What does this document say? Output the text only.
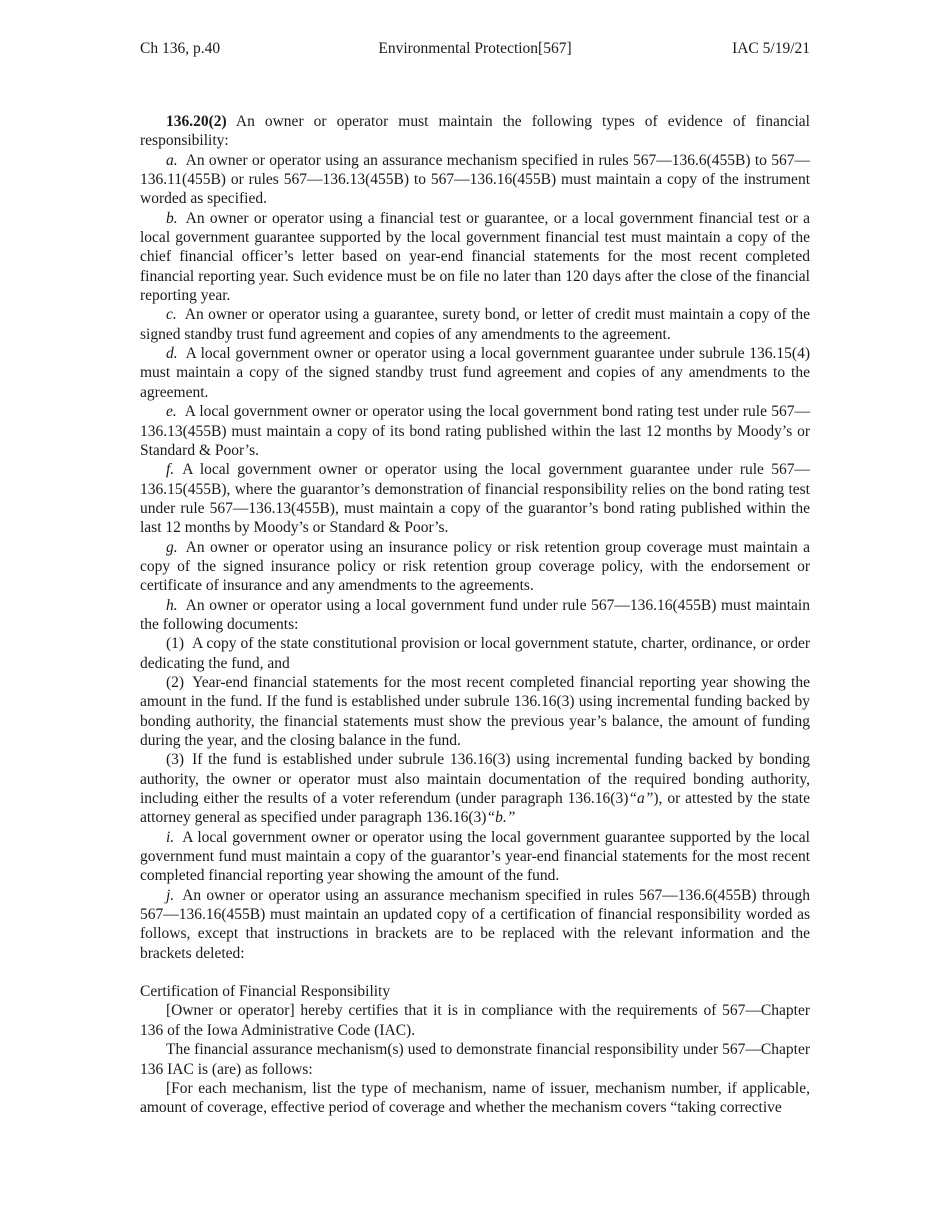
Ch 136, p.40	Environmental Protection[567]	IAC 5/19/21

136.20(2) An owner or operator must maintain the following types of evidence of financial responsibility:

a. An owner or operator using an assurance mechanism specified in rules 567—136.6(455B) to 567—136.11(455B) or rules 567—136.13(455B) to 567—136.16(455B) must maintain a copy of the instrument worded as specified.

b. An owner or operator using a financial test or guarantee, or a local government financial test or a local government guarantee supported by the local government financial test must maintain a copy of the chief financial officer’s letter based on year-end financial statements for the most recent completed financial reporting year. Such evidence must be on file no later than 120 days after the close of the financial reporting year.

c. An owner or operator using a guarantee, surety bond, or letter of credit must maintain a copy of the signed standby trust fund agreement and copies of any amendments to the agreement.

d. A local government owner or operator using a local government guarantee under subrule 136.15(4) must maintain a copy of the signed standby trust fund agreement and copies of any amendments to the agreement.

e. A local government owner or operator using the local government bond rating test under rule 567—136.13(455B) must maintain a copy of its bond rating published within the last 12 months by Moody’s or Standard & Poor’s.

f. A local government owner or operator using the local government guarantee under rule 567—136.15(455B), where the guarantor’s demonstration of financial responsibility relies on the bond rating test under rule 567—136.13(455B), must maintain a copy of the guarantor’s bond rating published within the last 12 months by Moody’s or Standard & Poor’s.

g. An owner or operator using an insurance policy or risk retention group coverage must maintain a copy of the signed insurance policy or risk retention group coverage policy, with the endorsement or certificate of insurance and any amendments to the agreements.

h. An owner or operator using a local government fund under rule 567—136.16(455B) must maintain the following documents:

(1) A copy of the state constitutional provision or local government statute, charter, ordinance, or order dedicating the fund, and

(2) Year-end financial statements for the most recent completed financial reporting year showing the amount in the fund. If the fund is established under subrule 136.16(3) using incremental funding backed by bonding authority, the financial statements must show the previous year’s balance, the amount of funding during the year, and the closing balance in the fund.

(3) If the fund is established under subrule 136.16(3) using incremental funding backed by bonding authority, the owner or operator must also maintain documentation of the required bonding authority, including either the results of a voter referendum (under paragraph 136.16(3)“a”), or attested by the state attorney general as specified under paragraph 136.16(3)“b.”

i. A local government owner or operator using the local government guarantee supported by the local government fund must maintain a copy of the guarantor’s year-end financial statements for the most recent completed financial reporting year showing the amount of the fund.

j. An owner or operator using an assurance mechanism specified in rules 567—136.6(455B) through 567—136.16(455B) must maintain an updated copy of a certification of financial responsibility worded as follows, except that instructions in brackets are to be replaced with the relevant information and the brackets deleted:

Certification of Financial Responsibility

[Owner or operator] hereby certifies that it is in compliance with the requirements of 567—Chapter 136 of the Iowa Administrative Code (IAC).

The financial assurance mechanism(s) used to demonstrate financial responsibility under 567—Chapter 136 IAC is (are) as follows:

[For each mechanism, list the type of mechanism, name of issuer, mechanism number, if applicable, amount of coverage, effective period of coverage and whether the mechanism covers “taking corrective
